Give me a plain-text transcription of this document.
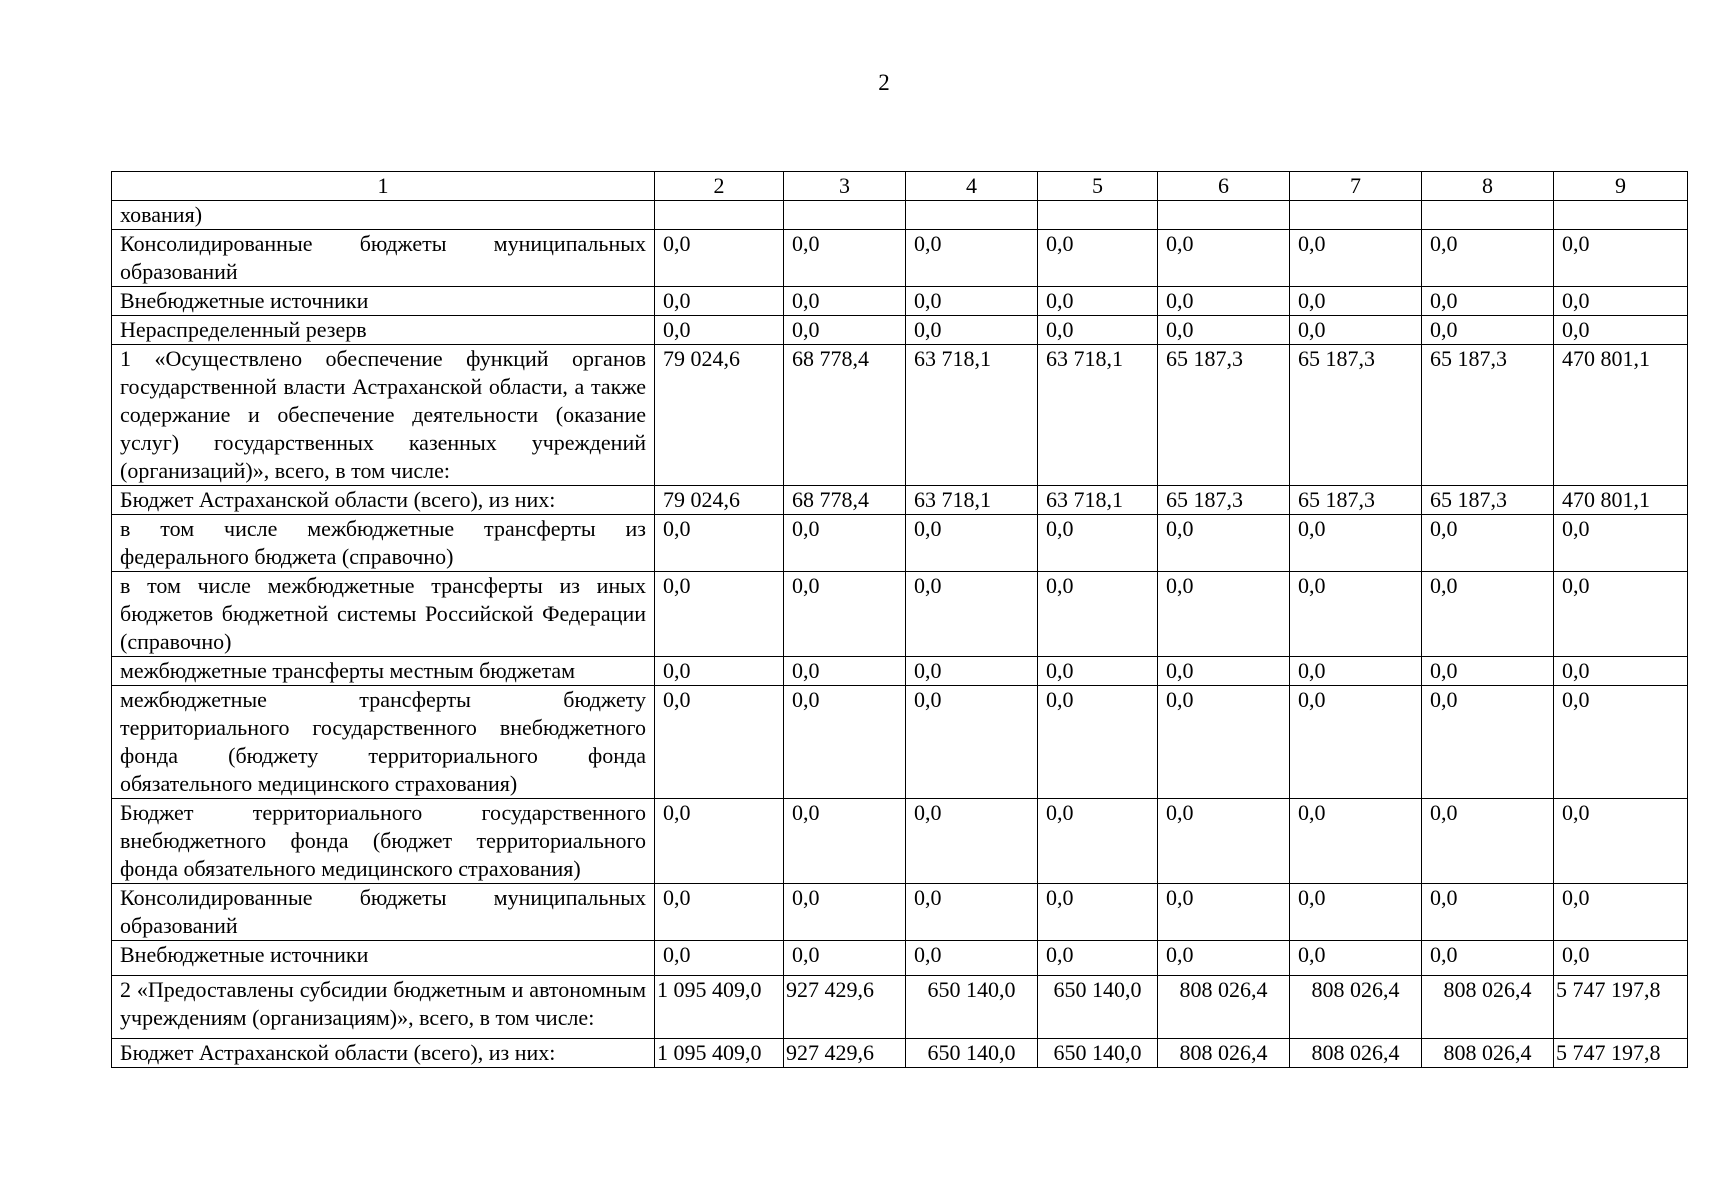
2
1	2	3	4	5	6	7	8	9
хования)								
Консолидированные бюджеты муниципальных образований	0,0	0,0	0,0	0,0	0,0	0,0	0,0	0,0
Внебюджетные источники	0,0	0,0	0,0	0,0	0,0	0,0	0,0	0,0
Нераспределенный резерв	0,0	0,0	0,0	0,0	0,0	0,0	0,0	0,0
1 «Осуществлено обеспечение функций органов государственной власти Астраханской области, а также содержание и обеспечение деятельности (оказание услуг) государственных казенных учреждений (организаций)», всего, в том числе:	79 024,6	68 778,4	63 718,1	63 718,1	65 187,3	65 187,3	65 187,3	470 801,1
Бюджет Астраханской области (всего), из них:	79 024,6	68 778,4	63 718,1	63 718,1	65 187,3	65 187,3	65 187,3	470 801,1
в том числе межбюджетные трансферты из федерального бюджета (справочно)	0,0	0,0	0,0	0,0	0,0	0,0	0,0	0,0
в том числе межбюджетные трансферты из иных бюджетов бюджетной системы Российской Федерации (справочно)	0,0	0,0	0,0	0,0	0,0	0,0	0,0	0,0
межбюджетные трансферты местным бюджетам	0,0	0,0	0,0	0,0	0,0	0,0	0,0	0,0
межбюджетные трансферты бюджету территориального государственного внебюджетного фонда (бюджету территориального фонда обязательного медицинского страхования)	0,0	0,0	0,0	0,0	0,0	0,0	0,0	0,0
Бюджет территориального государственного внебюджетного фонда (бюджет территориального фонда обязательного медицинского страхования)	0,0	0,0	0,0	0,0	0,0	0,0	0,0	0,0
Консолидированные бюджеты муниципальных образований	0,0	0,0	0,0	0,0	0,0	0,0	0,0	0,0
Внебюджетные источники	0,0	0,0	0,0	0,0	0,0	0,0	0,0	0,0
2 «Предоставлены субсидии бюджетным и автономным учреждениям (организациям)», всего, в том числе:	1 095 409,0	927 429,6	650 140,0	650 140,0	808 026,4	808 026,4	808 026,4	5 747 197,8
Бюджет Астраханской области (всего), из них:	1 095 409,0	927 429,6	650 140,0	650 140,0	808 026,4	808 026,4	808 026,4	5 747 197,8
